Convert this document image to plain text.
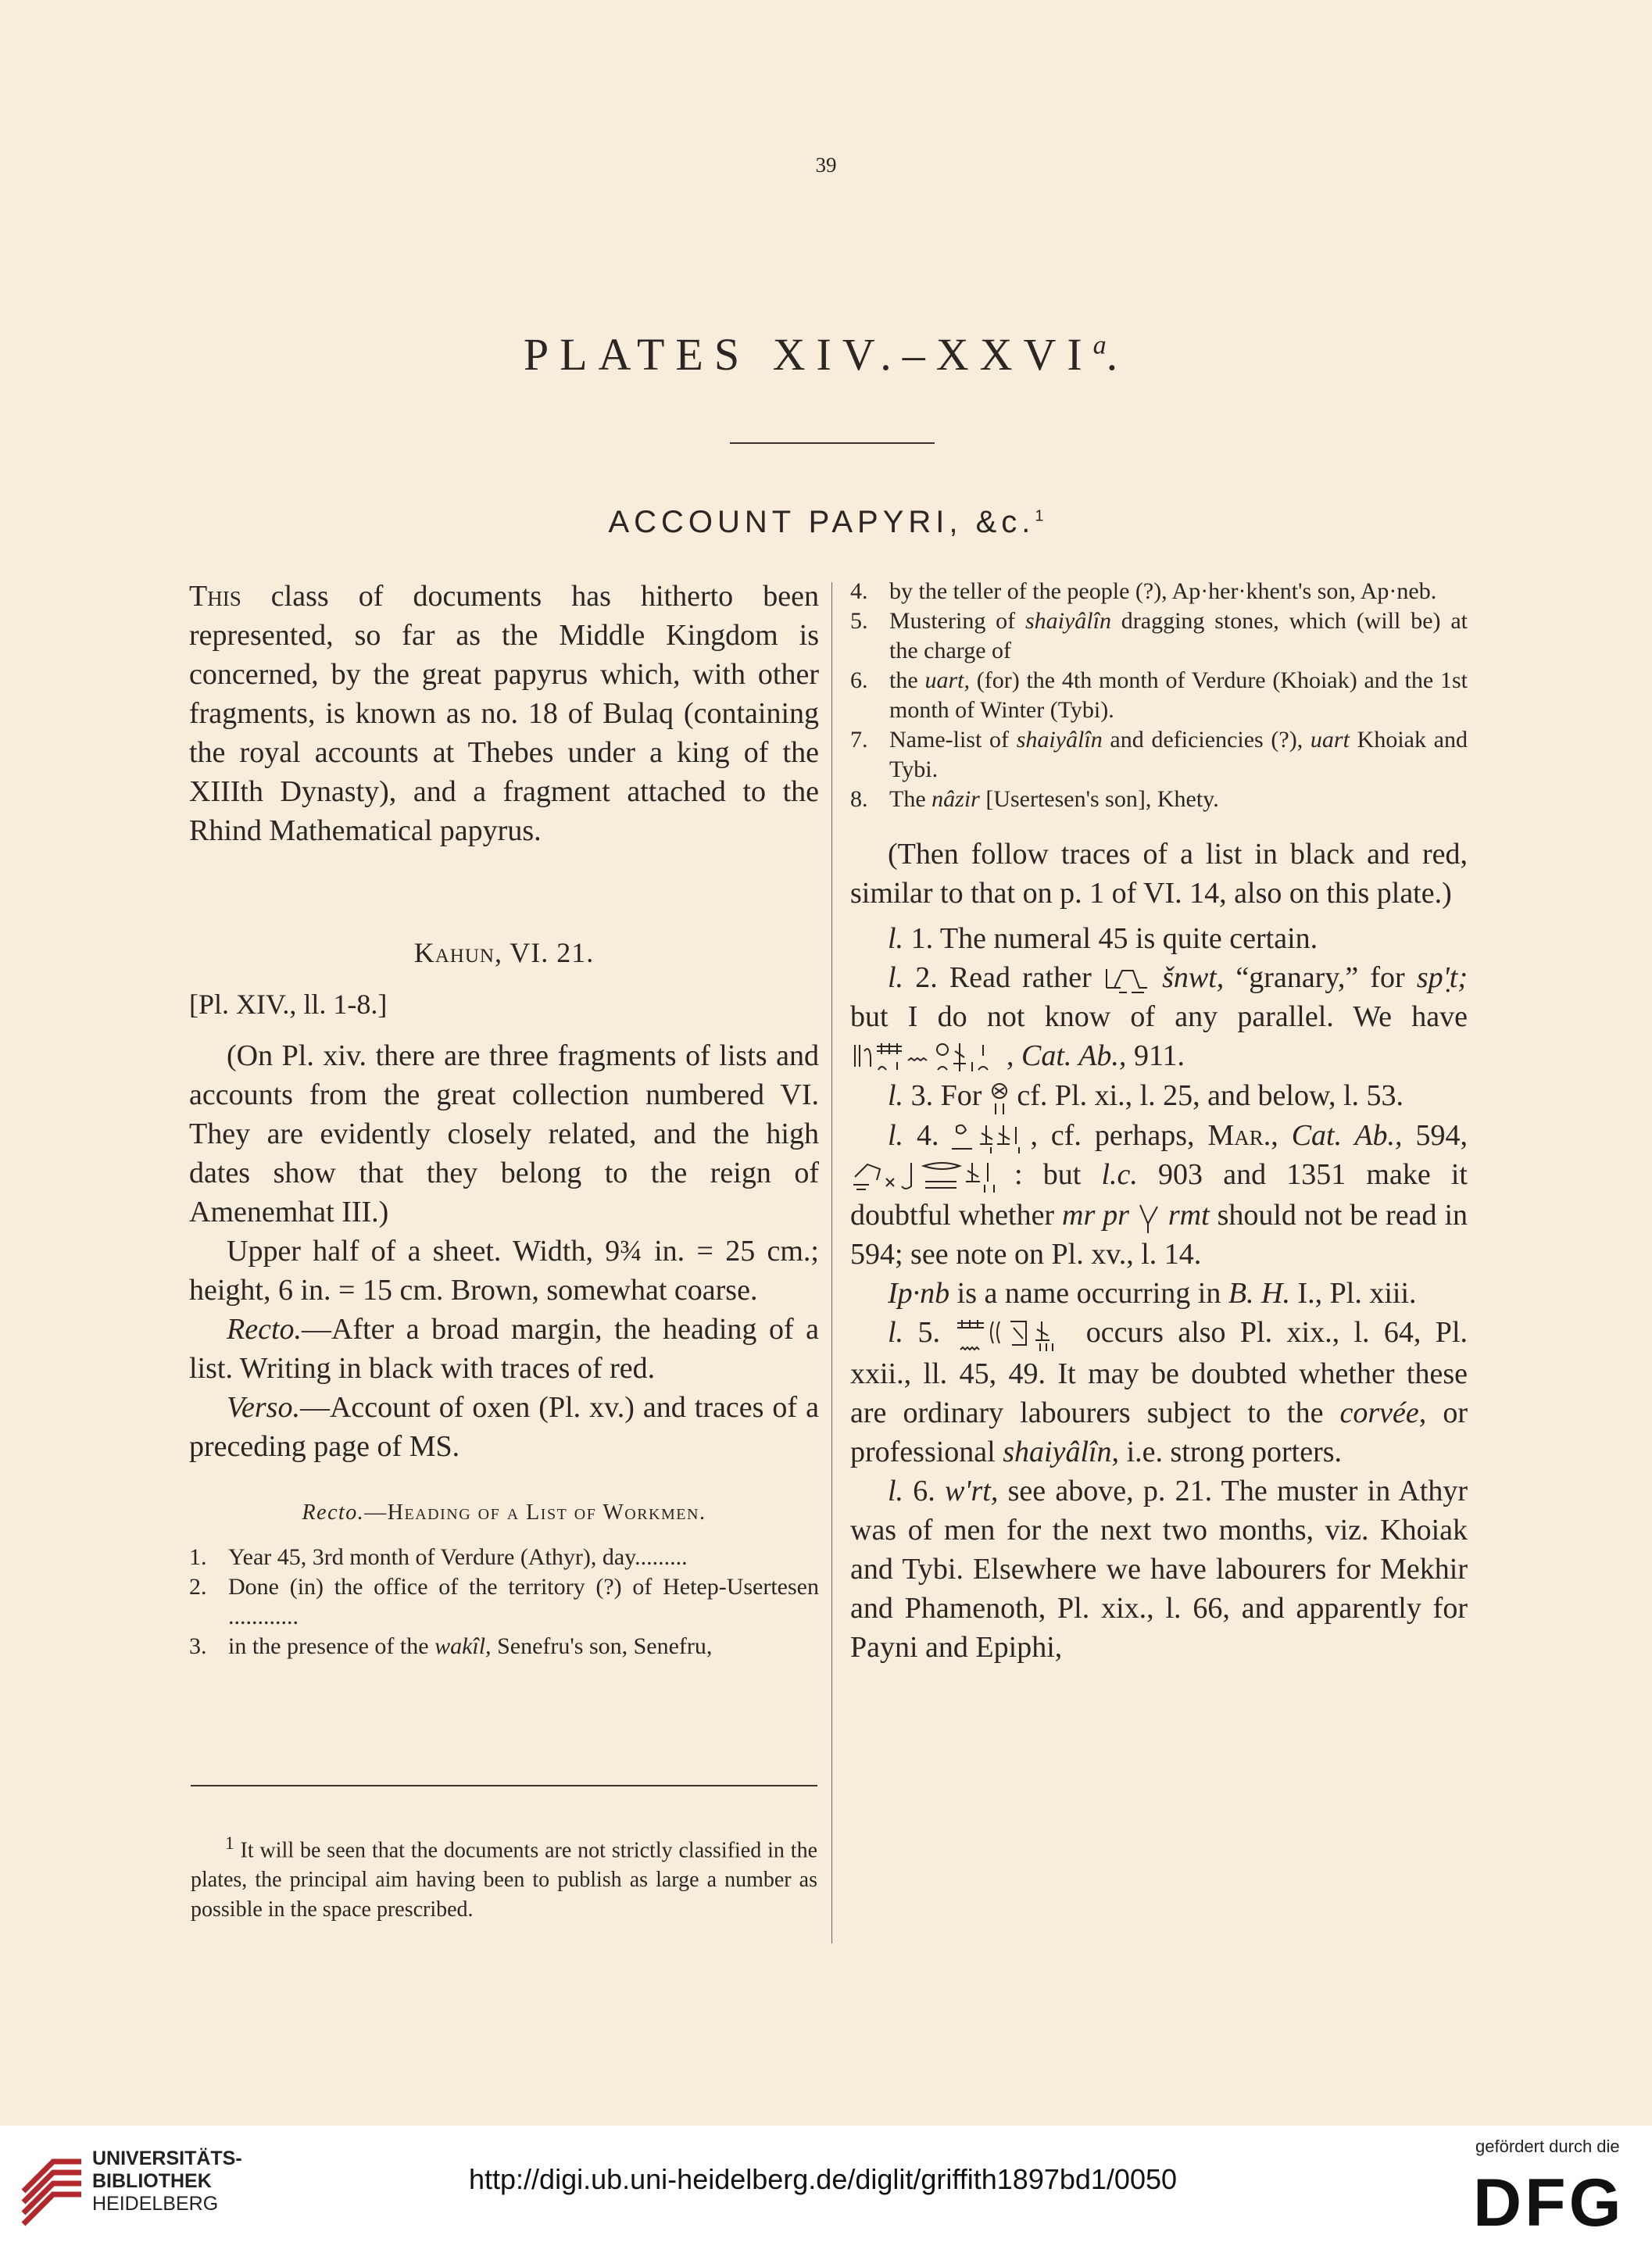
39
PLATES XIV.–XXVI$^a$.
ACCOUNT PAPYRI, &c.$^1$

This class of documents has hitherto been represented, so far as the Middle Kingdom is concerned, by the great papyrus which, with other fragments, is known as no. 18 of Bulaq (containing the royal accounts at Thebes under a king of the XIIIth Dynasty), and a fragment attached to the Rhind Mathematical papyrus.

Kahun, VI. 21.

[Pl. XIV., ll. 1-8.]

(On Pl. xiv. there are three fragments of lists and accounts from the great collection numbered VI. They are evidently closely related, and the high dates show that they belong to the reign of Amenemhat III.)

Upper half of a sheet. Width, 9¾ in. = 25 cm.; height, 6 in. = 15 cm. Brown, somewhat coarse.

Recto.—After a broad margin, the heading of a list. Writing in black with traces of red.

Verso.—Account of oxen (Pl. xv.) and traces of a preceding page of MS.

Recto.—Heading of a List of Workmen.

1. Year 45, 3rd month of Verdure (Athyr), day.........
2. Done (in) the office of the territory (?) of Hetep-Usertesen ............
3. in the presence of the wakîl, Senefru's son, Senefru,
$^1$ It will be seen that the documents are not strictly classified in the plates, the principal aim having been to publish as large a number as possible in the space prescribed.
4. by the teller of the people (?), Ap·her·khent's son, Ap·neb.
5. Mustering of shaiyâlîn dragging stones, which (will be) at the charge of
6. the uart, (for) the 4th month of Verdure (Khoiak) and the 1st month of Winter (Tybi).
7. Name-list of shaiyâlîn and deficiencies (?), uart Khoiak and Tybi.
8. The nâzir [Usertesen's son], Khety.

(Then follow traces of a list in black and red, similar to that on p. 1 of VI. 14, also on this plate.)

l. 1. The numeral 45 is quite certain.

l. 2. Read rather  šnwt, “granary,” for sp'̣t; but I do not know of any parallel. We have , Cat. Ab., 911.

l. 3. For  cf. Pl. xi., l. 25, and below, l. 53.

l. 4.	, cf. perhaps, Mar., Cat. Ab., 594, : but l.c. 903 and 1351 make it doubtful whether mr pr rmt should not be read in 594; see note on Pl. xv., l. 14.

Ip·nb is a name occurring in B. H. I., Pl. xiii.

l. 5.	occurs also Pl. xix., l. 64, Pl. xxii., ll. 45, 49. It may be doubted whether these are ordinary labourers subject to the corvée, or professional shaiyâlîn, i.e. strong porters.

l. 6. w'rt, see above, p. 21. The muster in Athyr was of men for the next two months, viz. Khoiak and Tybi. Elsewhere we have labourers for Mekhir and Phamenoth, Pl. xix., l. 66, and apparently for Payni and Epiphi,

UNIVERSITÄTS-
BIBLIOTHEK
HEIDELBERG
http://digi.ub.uni-heidelberg.de/diglit/griffith1897bd1/0050
gefördert durch die
DFG
